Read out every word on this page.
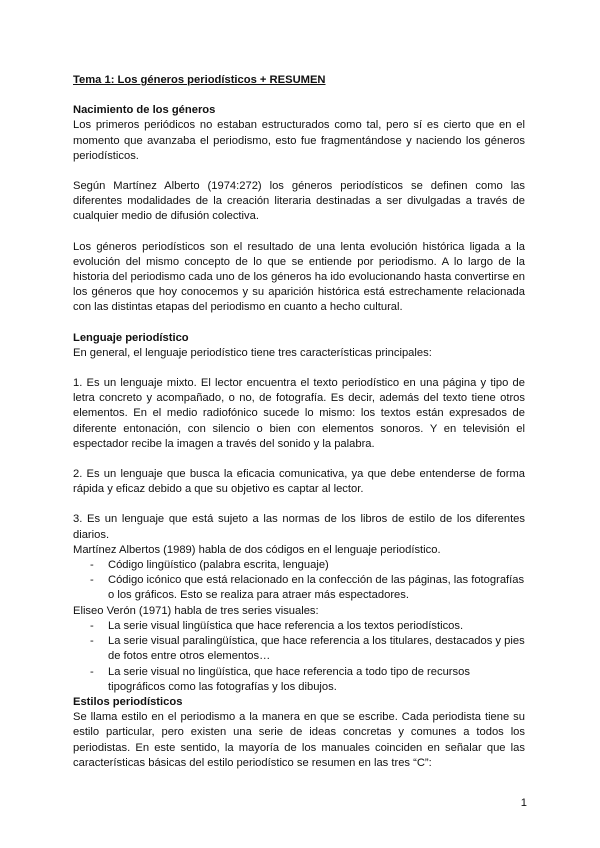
Tema 1: Los géneros periodísticos + RESUMEN

Nacimiento de los géneros

Los primeros periódicos no estaban estructurados como tal, pero sí es cierto que en el momento que avanzaba el periodismo, esto fue fragmentándose y naciendo los géneros periodísticos.

Según Martínez Alberto (1974:272) los géneros periodísticos se definen como las diferentes modalidades de la creación literaria destinadas a ser divulgadas a través de cualquier medio de difusión colectiva.

Los géneros periodísticos son el resultado de una lenta evolución histórica ligada a la evolución del mismo concepto de lo que se entiende por periodismo. A lo largo de la historia del periodismo cada uno de los géneros ha ido evolucionando hasta convertirse en los géneros que hoy conocemos y su aparición histórica está estrechamente relacionada con las distintas etapas del periodismo en cuanto a hecho cultural.

Lenguaje periodístico

En general, el lenguaje periodístico tiene tres características principales:

1. Es un lenguaje mixto. El lector encuentra el texto periodístico en una página y tipo de letra concreto y acompañado, o no, de fotografía. Es decir, además del texto tiene otros elementos. En el medio radiofónico sucede lo mismo: los textos están expresados de diferente entonación, con silencio o bien con elementos sonoros. Y en televisión el espectador recibe la imagen a través del sonido y la palabra.

2. Es un lenguaje que busca la eficacia comunicativa, ya que debe entenderse de forma rápida y eficaz debido a que su objetivo es captar al lector.

3. Es un lenguaje que está sujeto a las normas de los libros de estilo de los diferentes diarios.

Martínez Albertos (1989) habla de dos códigos en el lenguaje periodístico.

- Código lingüístico (palabra escrita, lenguaje)
- Código icónico que está relacionado en la confección de las páginas, las fotografías o los gráficos. Esto se realiza para atraer más espectadores.

Eliseo Verón (1971) habla de tres series visuales:

- La serie visual lingüística que hace referencia a los textos periodísticos.
- La serie visual paralingüística, que hace referencia a los titulares, destacados y pies de fotos entre otros elementos…
- La serie visual no lingüística, que hace referencia a todo tipo de recursos tipográficos como las fotografías y los dibujos.

Estilos periodísticos

Se llama estilo en el periodismo a la manera en que se escribe. Cada periodista tiene su estilo particular, pero existen una serie de ideas concretas y comunes a todos los periodistas. En este sentido, la mayoría de los manuales coinciden en señalar que las características básicas del estilo periodístico se resumen en las tres “C”:

1
